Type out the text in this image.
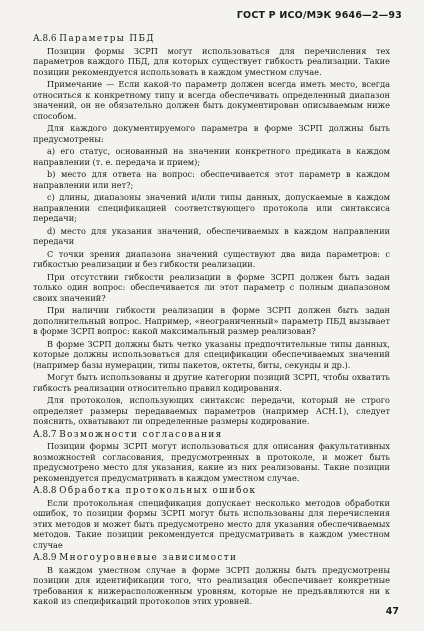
ГОСТ Р ИСО/МЭК 9646—2—93

А.8.6 Параметры ПБД

Позиции формы ЗСРП могут использоваться для перечисления тех параметров каждого ПБД, для которых существует гибкость реализации. Такие позиции рекомендуется использовать в каждом уместном случае.

Примечание — Если какой-то параметр должен всегда иметь место, всегда относиться к конкретному типу и всегда обеспечивать определенный диапазон значений, он не обязательно должен быть документирован описываемым ниже способом.

Для каждого документируемого параметра в форме ЗСРП должны быть предусмотрены:

а) его статус, основанный на значении конкретного предиката в каждом направлении (т. е. передача и прием);

b) место для ответа на вопрос: обеспечивается этот параметр в каждом направлении или нет?;

с) длины, диапазоны значений и/или типы данных, допускаемые в каждом направлении спецификацией соответствующего протокола или синтаксиса передачи;

d) место для указания значений, обеспечиваемых в каждом направлении передачи

С точки зрения диапазона значений существуют два вида параметров: с гибкостью реализации и без гибкости реализации.

При отсутствии гибкости реализации в форме ЗСРП должен быть задан только один вопрос: обеспечивается ли этот параметр с полным диапазоном своих значений?

При наличии гибкости реализации в форме ЗСРП должен быть задан дополнительный вопрос. Например, «неограниченный» параметр ПБД вызывает в форме ЗСРП вопрос: какой максимальный размер реализован?

В форме ЗСРП должны быть четко указаны предпочтительные типы данных, которые должны использоваться для спецификации обеспечиваемых значений (например базы нумерации, типы пакетов, октеты, биты, секунды и др.).

Могут быть использованы и другие категории позиций ЗСРП, чтобы охватить гибкость реализации относительно правил кодирования.

Для протоколов, использующих синтаксис передачи, который не строго определяет размеры передаваемых параметров (например АСН.1), следует пояснить, охватывают ли определенные размеры кодирование.

А.8.7 Возможности согласования

Позиции формы ЗСРП могут использоваться для описания факультативных возможностей согласования, предусмотренных в протоколе, и может быть предусмотрено место для указания, какие из них реализованы. Такие позиции рекомендуется предусматривать в каждом уместном случае.

А.8.8 Обработка протокольных ошибок

Если протокольная спецификация допускает несколько методов обработки ошибок, то позиции формы ЗСРП могут быть использованы для перечисления этих методов и может быть предусмотрено место для указания обеспечиваемых методов. Такие позиции рекомендуется предусматривать в каждом уместном случае

А.8.9 Многоуровневые зависимости

В каждом уместном случае в форме ЗСРП должны быть предусмотрены позиции для идентификации того, что реализация обеспечивает конкретные требования к нижерасположенным уровням, которые не предъявляются ни к какой из спецификаций протоколов этих уровней.

47
